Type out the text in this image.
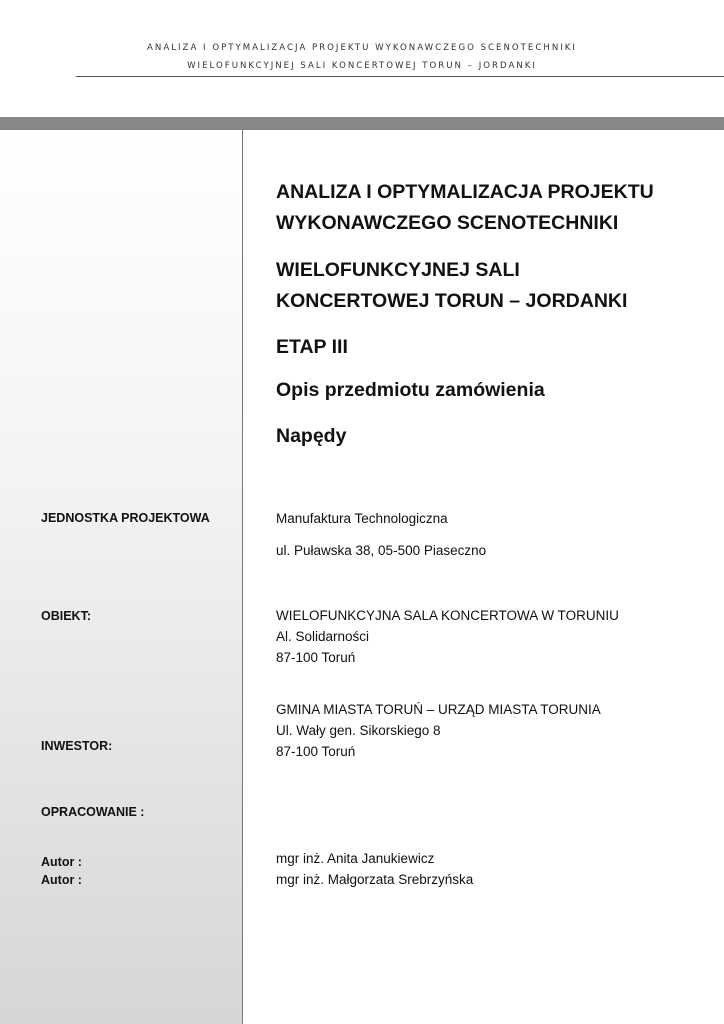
ANALIZA I OPTYMALIZACJA PROJEKTU WYKONAWCZEGO SCENOTECHNIKI
WIELOFUNKCYJNEJ SALI KONCERTOWEJ TORUN – JORDANKI
ANALIZA I OPTYMALIZACJA PROJEKTU
WYKONAWCZEGO SCENOTECHNIKI
WIELOFUNKCYJNEJ SALI
KONCERTOWEJ TORUN – JORDANKI
ETAP III
Opis przedmiotu zamówienia
Napędy
JEDNOSTKA PROJEKTOWA	Manufaktura Technologiczna
ul. Puławska 38, 05-500 Piaseczno
OBIEKT:	WIELOFUNKCYJNA SALA KONCERTOWA W TORUNIU
Al. Solidarności
87-100 Toruń
GMINA MIASTA TORUŃ – URZĄD MIASTA TORUNIA
Ul. Wały gen. Sikorskiego 8
87-100 Toruń
INWESTOR:
OPRACOWANIE :
Autor :
Autor :
mgr inż. Anita Janukiewicz
mgr inż. Małgorzata Srebrzyńska
